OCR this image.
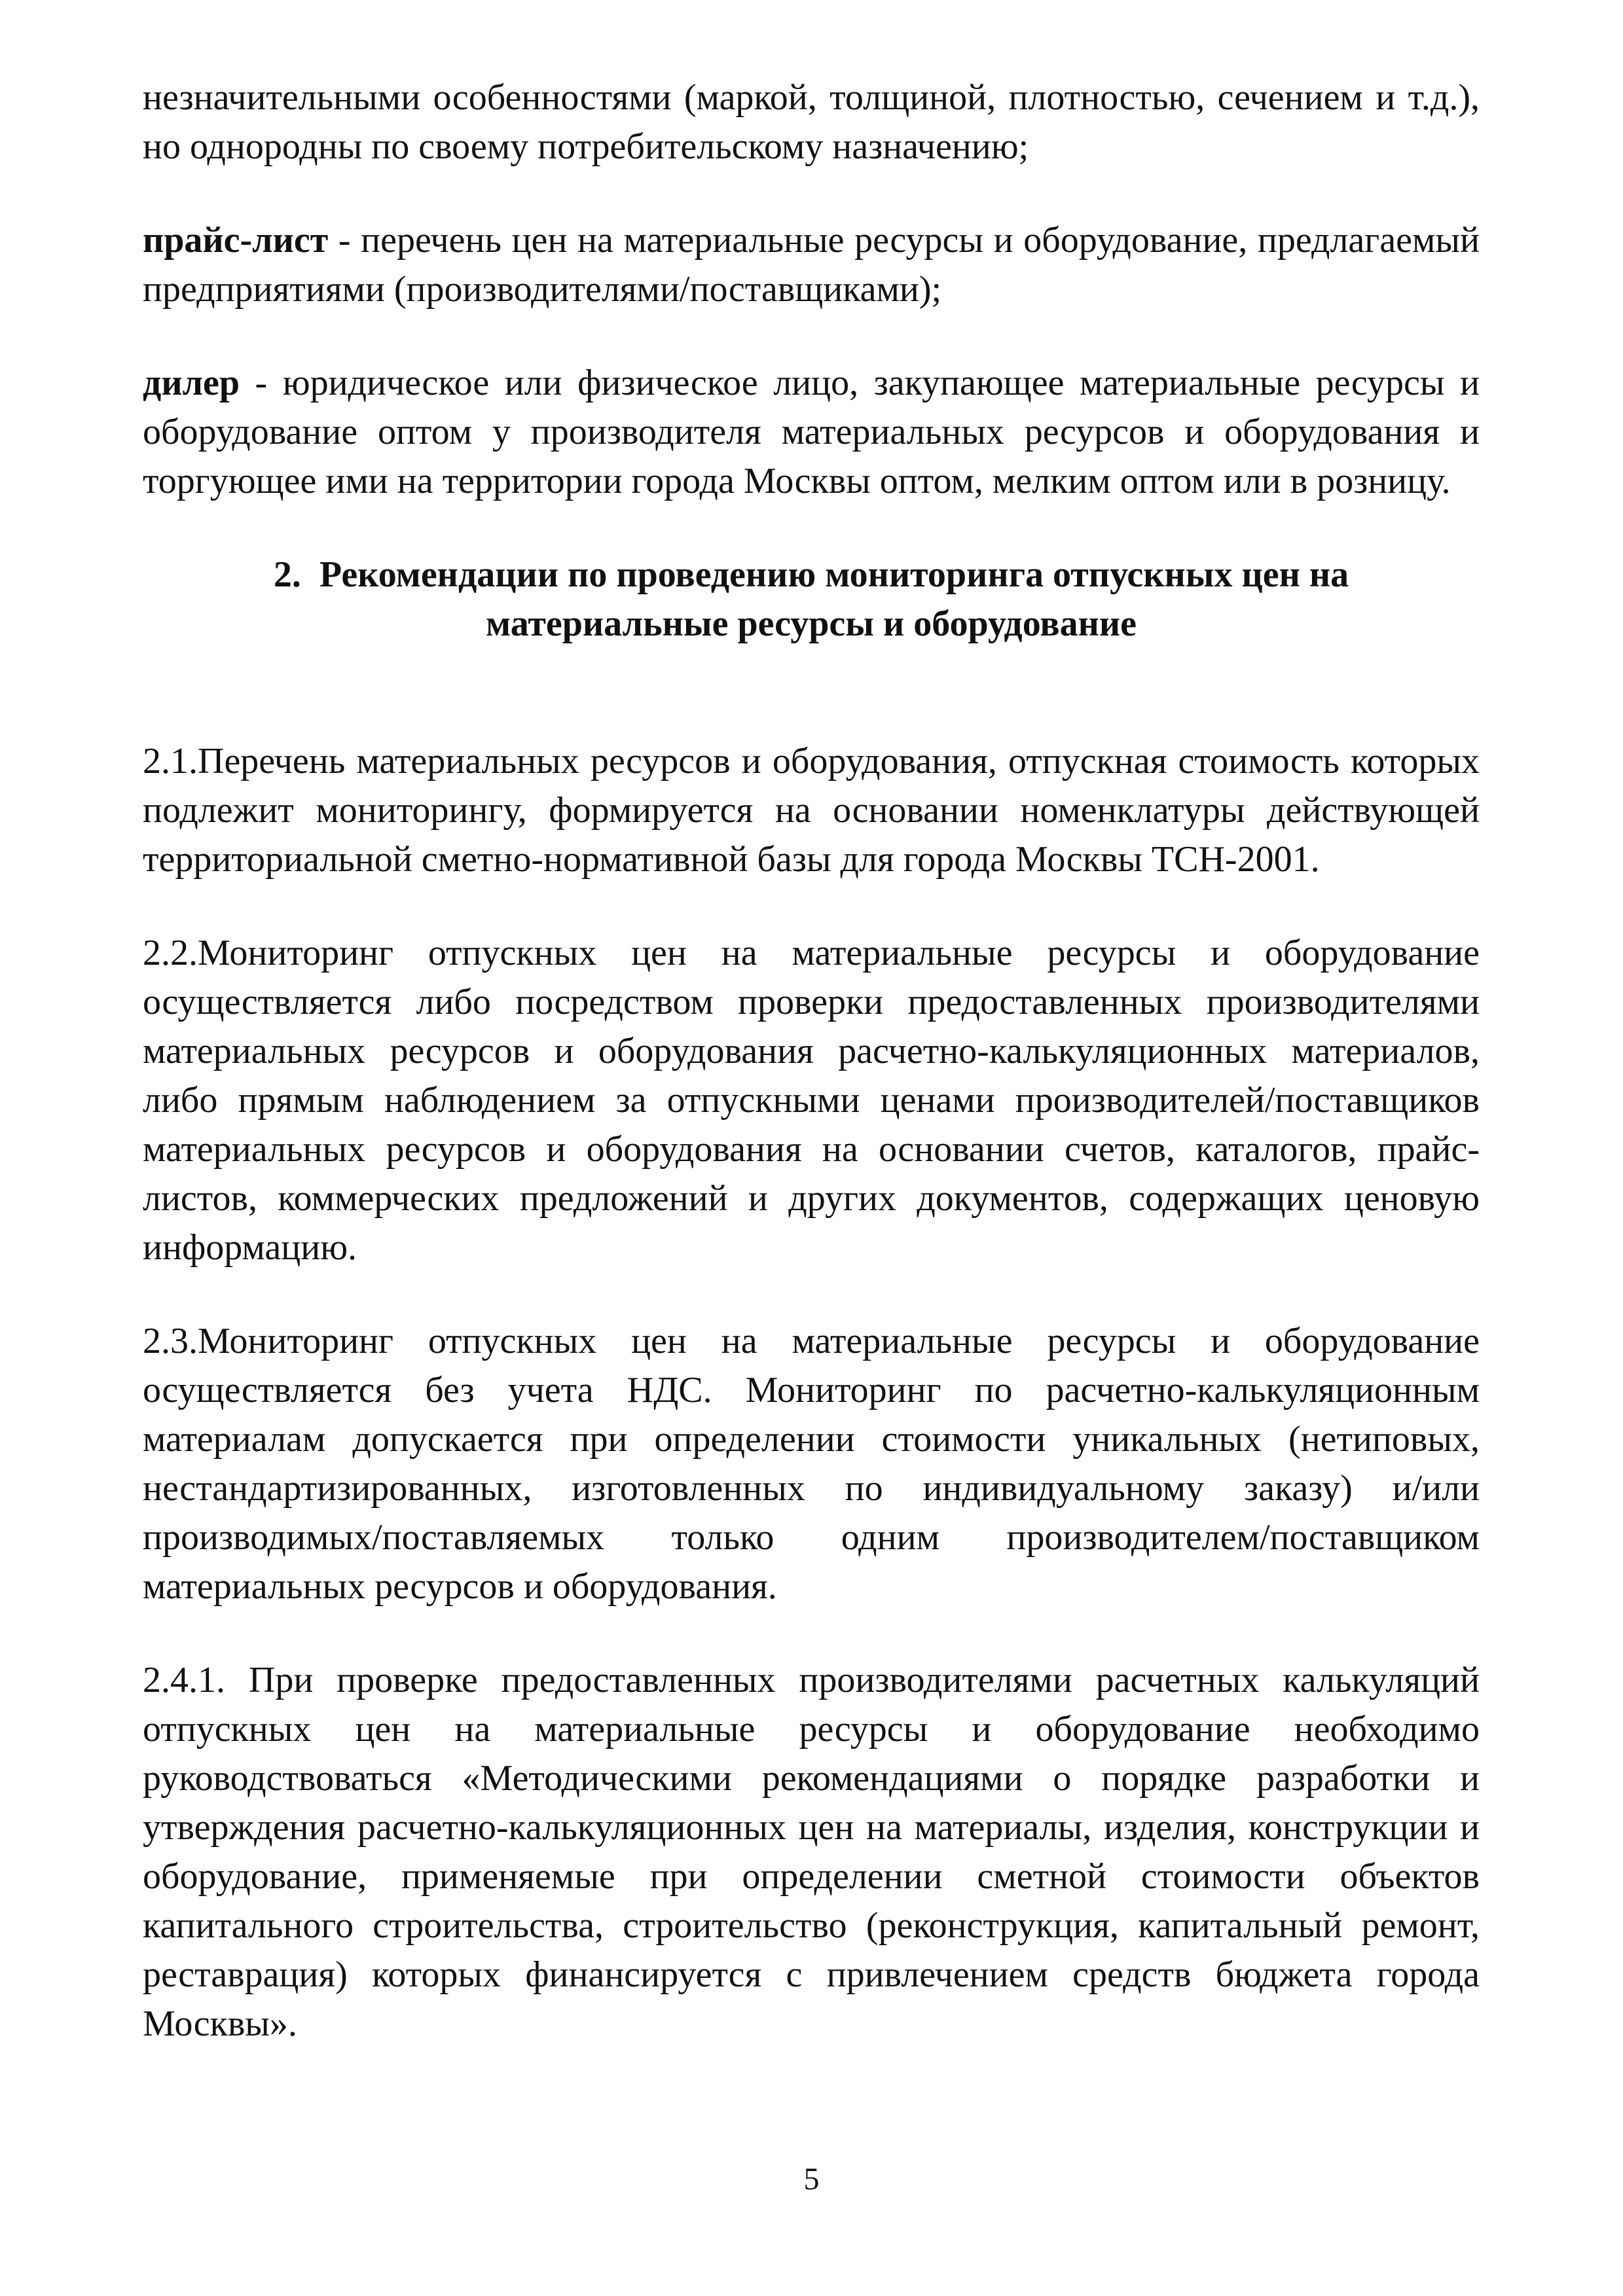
незначительными особенностями (маркой, толщиной, плотностью, сечением и т.д.), но однородны по своему потребительскому назначению;

прайс-лист - перечень цен на материальные ресурсы и оборудование, предлагаемый предприятиями (производителями/поставщиками);

дилер - юридическое или физическое лицо, закупающее материальные ресурсы и оборудование оптом у производителя материальных ресурсов и оборудования и торгующее ими на территории города Москвы оптом, мелким оптом или в розницу.

2. Рекомендации по проведению мониторинга отпускных цен на
материальные ресурсы и оборудование

2.1.Перечень материальных ресурсов и оборудования, отпускная стоимость которых подлежит мониторингу, формируется на основании номенклатуры действующей территориальной сметно-нормативной базы для города Москвы ТСН-2001.

2.2.Мониторинг отпускных цен на материальные ресурсы и оборудование осуществляется либо посредством проверки предоставленных производителями материальных ресурсов и оборудования расчетно-калькуляционных материалов, либо прямым наблюдением за отпускными ценами производителей/поставщиков материальных ресурсов и оборудования на основании счетов, каталогов, прайс-листов, коммерческих предложений и других документов, содержащих ценовую информацию.

2.3.Мониторинг отпускных цен на материальные ресурсы и оборудование осуществляется без учета НДС. Мониторинг по расчетно-калькуляционным материалам допускается при определении стоимости уникальных (нетиповых, нестандартизированных, изготовленных по индивидуальному заказу) и/или производимых/поставляемых только одним производителем/поставщиком материальных ресурсов и оборудования.

2.4.1. При проверке предоставленных производителями расчетных калькуляций отпускных цен на материальные ресурсы и оборудование необходимо руководствоваться «Методическими рекомендациями о порядке разработки и утверждения расчетно-калькуляционных цен на материалы, изделия, конструкции и оборудование, применяемые при определении сметной стоимости объектов капитального строительства, строительство (реконструкция, капитальный ремонт, реставрация) которых финансируется с привлечением средств бюджета города Москвы».

5
